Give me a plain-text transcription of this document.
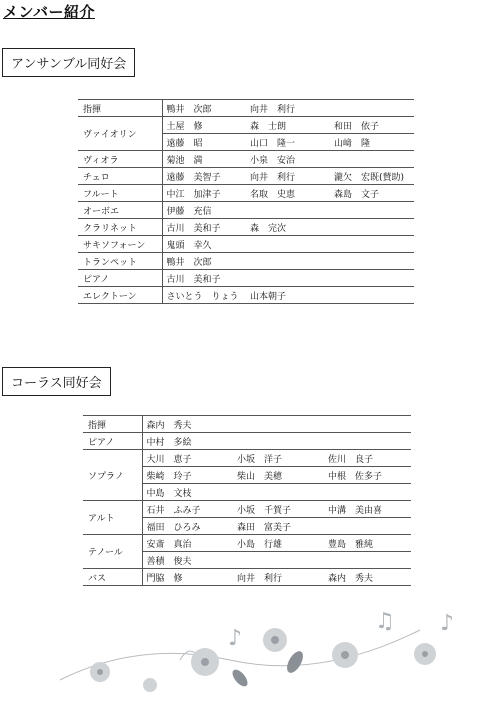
メンバー紹介
アンサンブル同好会
指揮	鴨井　次郎	向井　利行	
ヴァイオリン	土屋　修	森　士朗	和田　依子
	遠藤　昭	山口　隆一	山﨑　隆
ヴィオラ	菊池　満	小泉　安治	
チェロ	遠藤　美智子	向井　利行	瀧欠　宏既(賛助)
フルート	中江　加津子	名取　史恵	森島　文子
オーボエ	伊藤　充信		
クラリネット	古川　美和子	森　完次	
サキソフォーン	鬼頭　幸久		
トランペット	鴨井　次郎		
ピアノ	古川　美和子		
エレクトーン	さいとう　りょう	山本朝子	
コーラス同好会
指揮	森内　秀夫		
ピアノ	中村　多絵		
ソプラノ	大川　恵子	小坂　洋子	佐川　良子
	柴崎　玲子	柴山　美穂	中根　佐多子
	中島　文枝		
アルト	石井　ふみ子	小坂　千賀子	中溝　美由喜
	福田　ひろみ	森田　富美子	
テノール	安斎　真治	小島　行雄	豊島　雅純
	善積　俊夫		
バス	門脇　修	向井　利行	森内　秀夫
♪
♫ ♪
